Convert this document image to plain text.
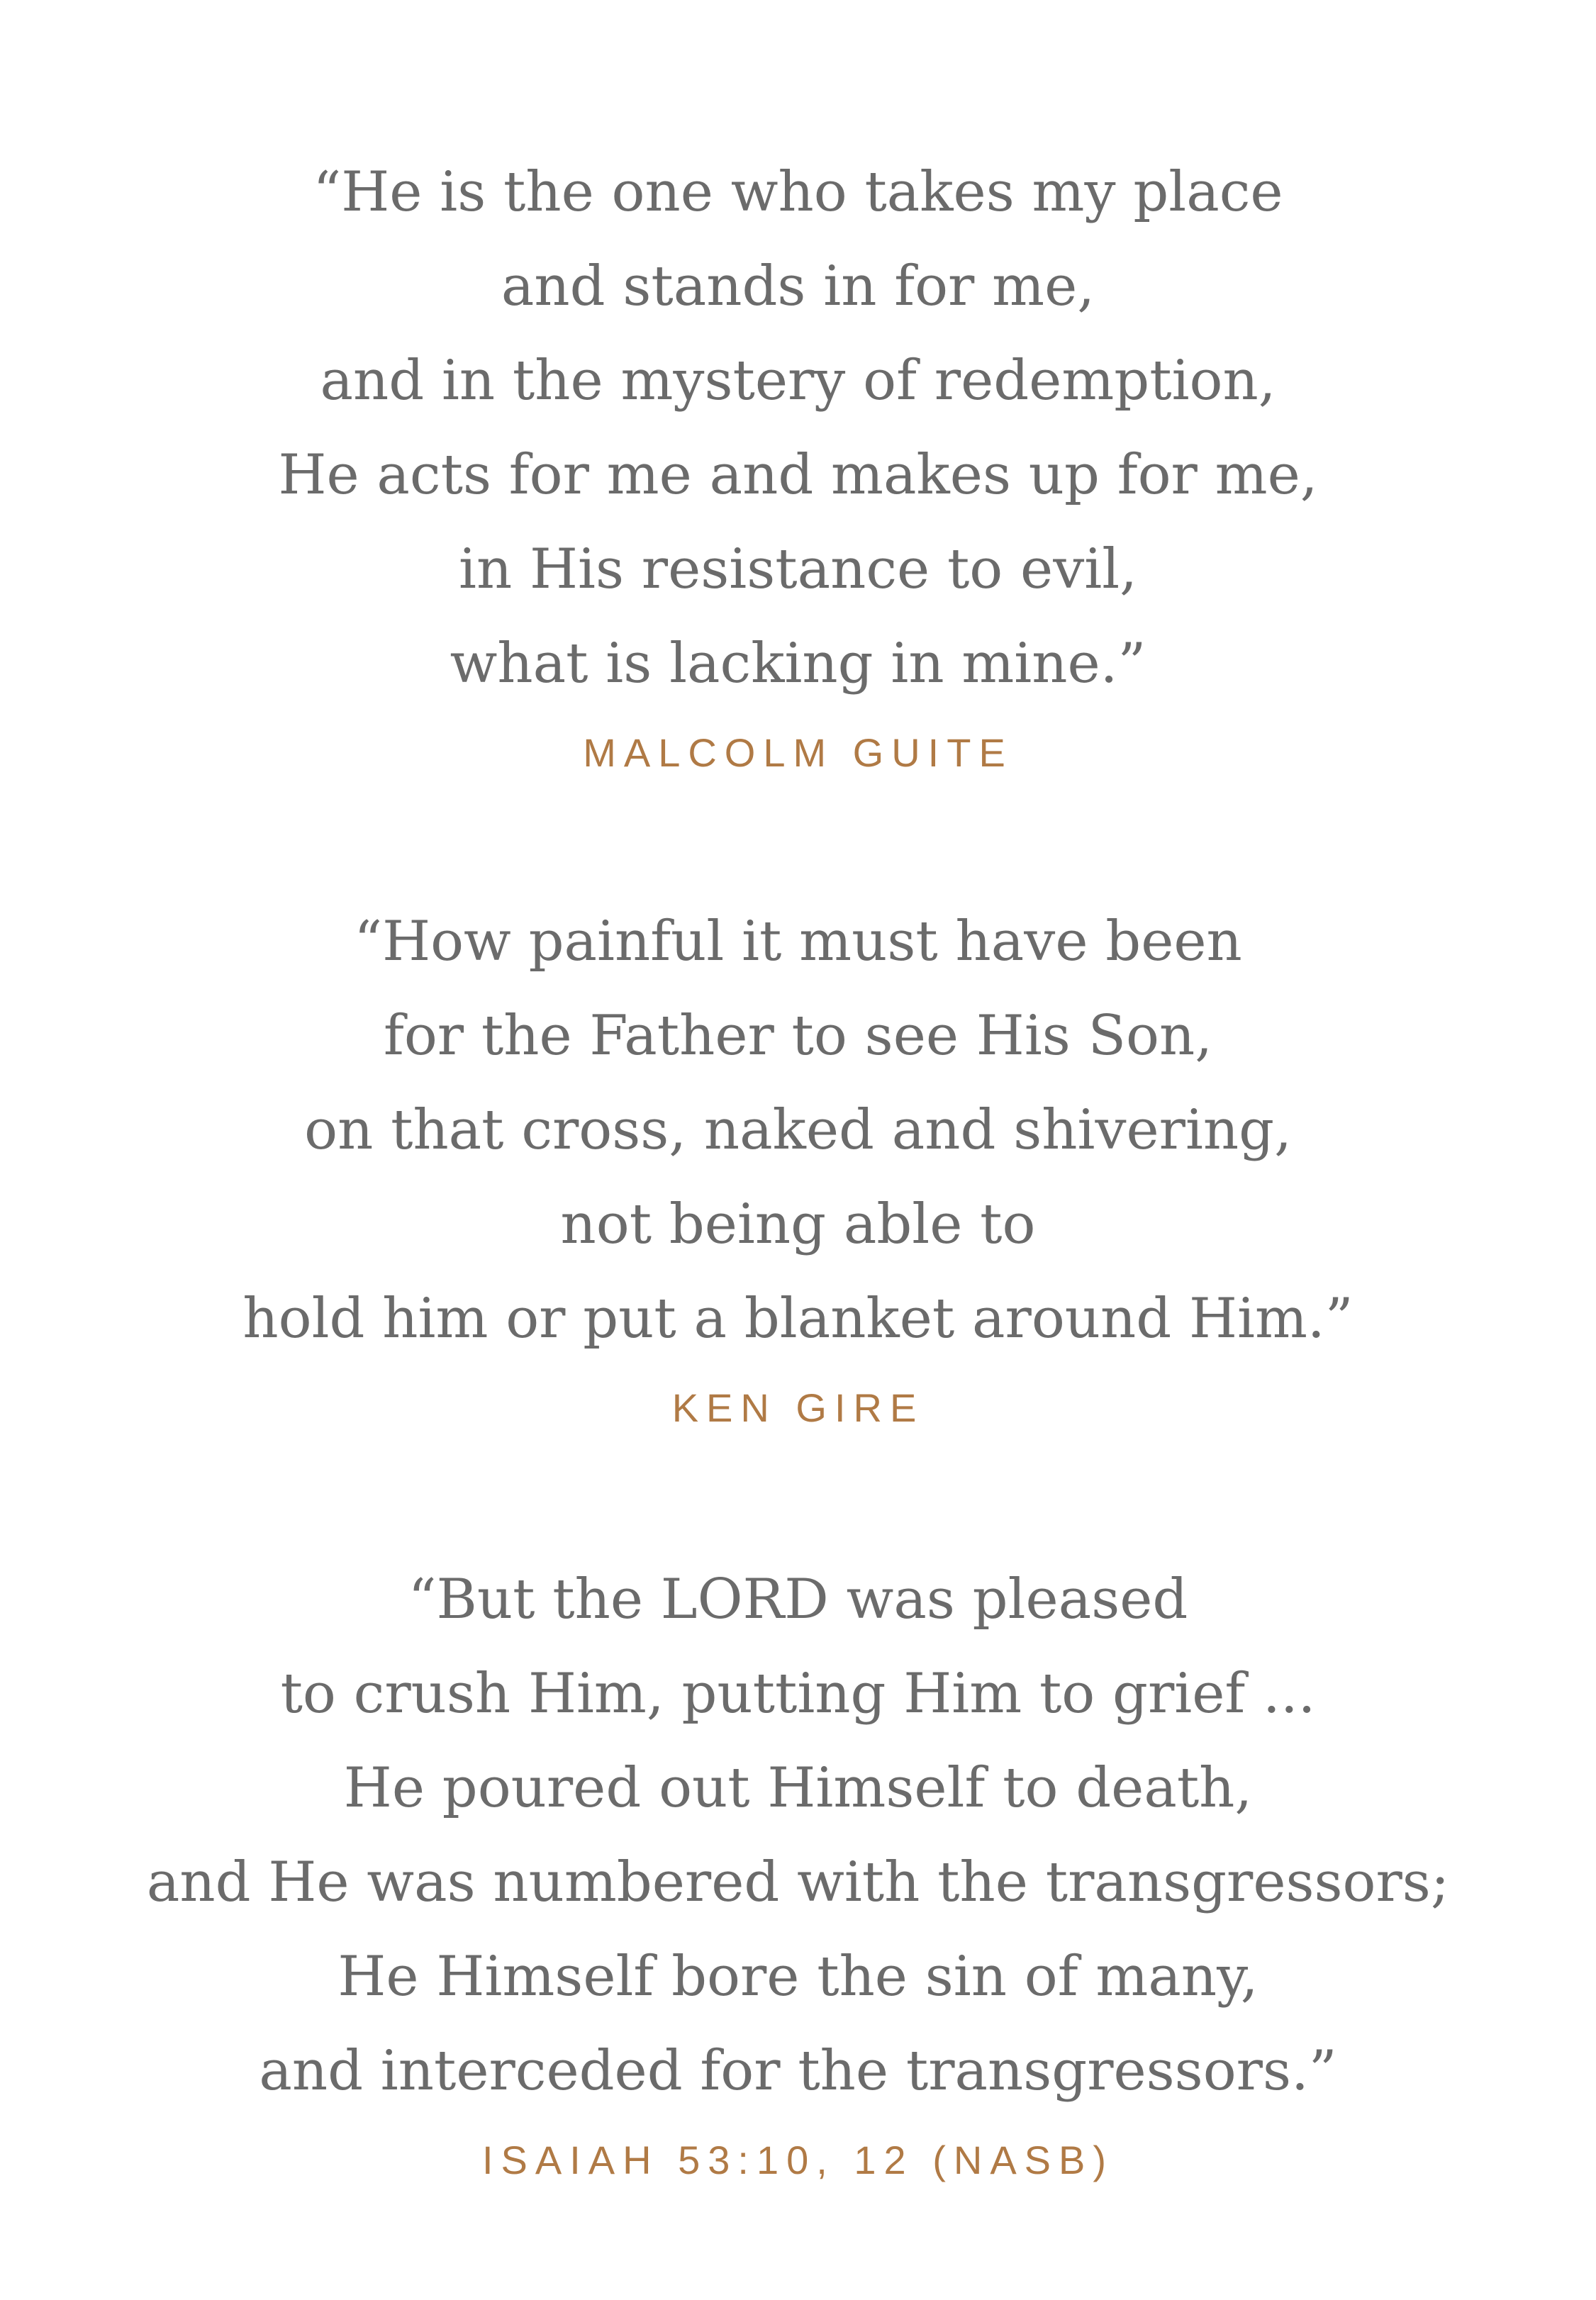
“He is the one who takes my place
and stands in for me,
and in the mystery of redemption,
He acts for me and makes up for me,
in His resistance to evil,
what is lacking in mine.”

MALCOLM GUITE

“How painful it must have been
for the Father to see His Son,
on that cross, naked and shivering,
not being able to
hold him or put a blanket around Him.”

KEN GIRE

“But the LORD was pleased
to crush Him, putting Him to grief ...
He poured out Himself to death,
and He was numbered with the transgressors;
He Himself bore the sin of many,
and interceded for the transgressors.”

ISAIAH 53:10, 12 (NASB)
